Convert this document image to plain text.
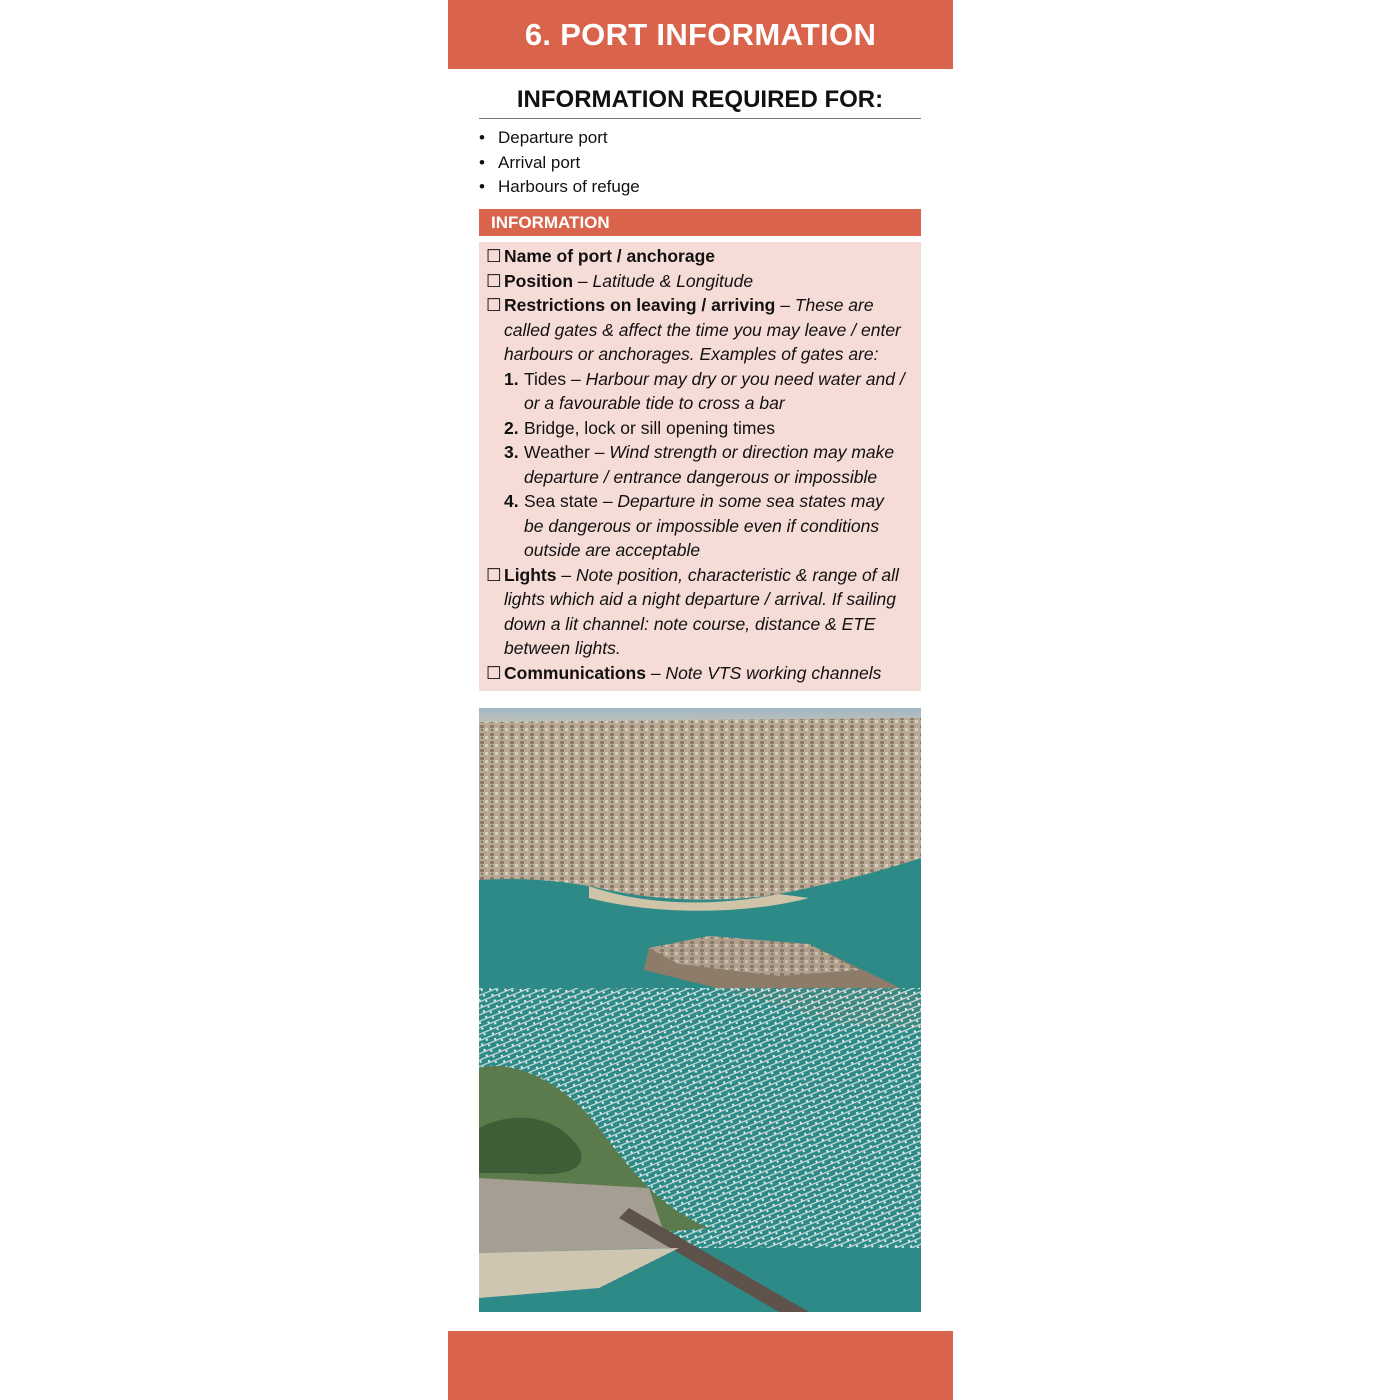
6. PORT INFORMATION
INFORMATION REQUIRED FOR:
• Departure port
• Arrival port
• Harbours of refuge
INFORMATION
☐ Name of port / anchorage
☐ Position – Latitude & Longitude
☐ Restrictions on leaving / arriving – These are
called gates & affect the time you may leave / enter
harbours or anchorages. Examples of gates are:
1. Tides – Harbour may dry or you need water and /
or a favourable tide to cross a bar
2. Bridge, lock or sill opening times
3. Weather – Wind strength or direction may make
departure / entrance dangerous or impossible
4. Sea state – Departure in some sea states may
be dangerous or impossible even if conditions
outside are acceptable
☐ Lights – Note position, characteristic & range of all
lights which aid a night departure / arrival. If sailing
down a lit channel: note course, distance & ETE
between lights.
☐ Communications – Note VTS working channels
